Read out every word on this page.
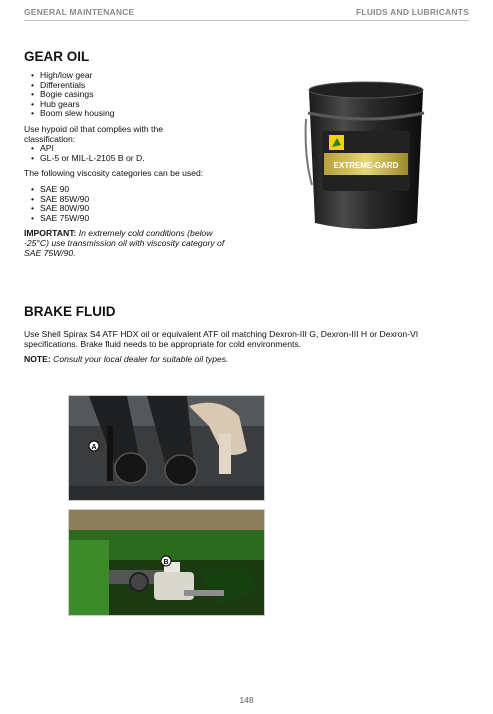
GENERAL MAINTENANCE	FLUIDS AND LUBRICANTS
GEAR OIL
• High/low gear
• Differentials
• Bogie casings
• Hub gears
• Boom slew housing

Use hypoid oil that complies with the classification:

• API
• GL-5 or MIL-L-2105 B or D.

The following viscosity categories can be used:

• SAE 90
• SAE 85W/90
• SAE 80W/90
• SAE 75W/90

IMPORTANT: In extremely cold conditions (below -25°C) use transmission oil with viscosity category of SAE 75W/90.

EXTREME-GARD
BRAKE FLUID

Use Shell Spirax S4 ATF HDX oil or equivalent ATF oil matching Dexron-III G, Dexron-III H or Dexron-VI specifications. Brake fluid needs to be appropriate for cold environments.

NOTE: Consult your local dealer for suitable oil types.

A
B
148
